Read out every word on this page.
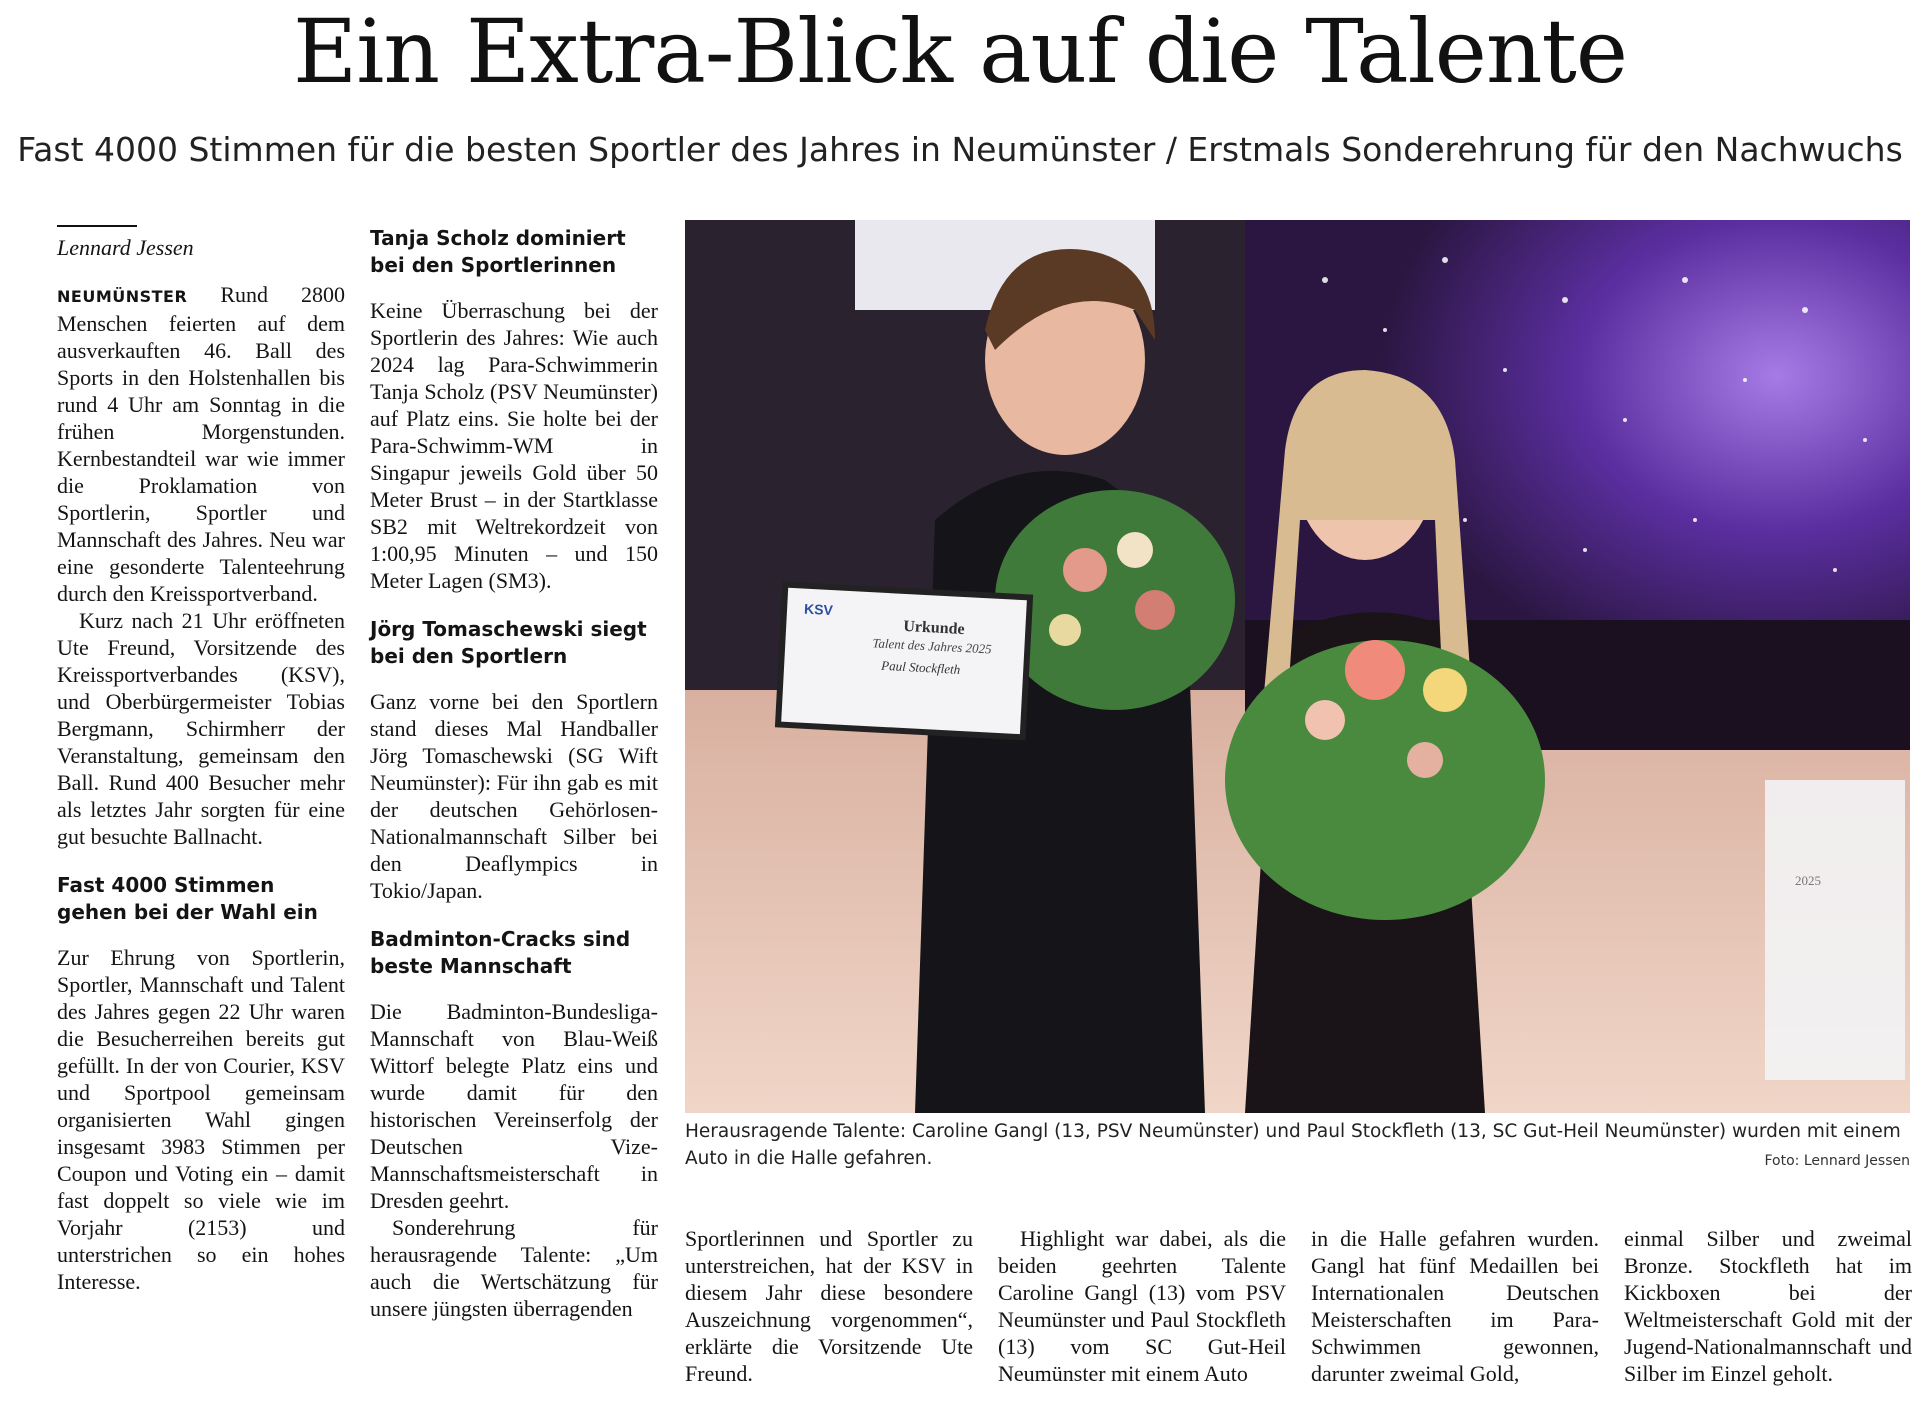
Ein Extra-Blick auf die Talente
Fast 4000 Stimmen für die besten Sportler des Jahres in Neumünster / Erstmals Sonderehrung für den Nachwuchs
Lennard Jessen

NEUMÜNSTER Rund 2800 Menschen feierten auf dem ausverkauften 46. Ball des Sports in den Holstenhallen bis rund 4 Uhr am Sonntag in die frühen Morgenstunden. Kernbestandteil war wie immer die Proklamation von Sportlerin, Sportler und Mannschaft des Jahres. Neu war eine gesonderte Talenteehrung durch den Kreissportverband.

Kurz nach 21 Uhr eröffneten Ute Freund, Vorsitzende des Kreissportverbandes (KSV), und Oberbürgermeister Tobias Bergmann, Schirmherr der Veranstaltung, gemeinsam den Ball. Rund 400 Besucher mehr als letztes Jahr sorgten für eine gut besuchte Ballnacht.

Fast 4000 Stimmen gehen bei der Wahl ein

Zur Ehrung von Sportlerin, Sportler, Mannschaft und Talent des Jahres gegen 22 Uhr waren die Besucherreihen bereits gut gefüllt. In der von Courier, KSV und Sportpool gemeinsam organisierten Wahl gingen insgesamt 3983 Stimmen per Coupon und Voting ein – damit fast doppelt so viele wie im Vorjahr (2153) und unterstrichen so ein hohes Interesse.

Tanja Scholz dominiert bei den Sportlerinnen

Keine Überraschung bei der Sportlerin des Jahres: Wie auch 2024 lag Para-Schwimmerin Tanja Scholz (PSV Neumünster) auf Platz eins. Sie holte bei der Para-Schwimm-WM in Singapur jeweils Gold über 50 Meter Brust – in der Startklasse SB2 mit Weltrekordzeit von 1:00,95 Minuten – und 150 Meter Lagen (SM3).

Jörg Tomaschewski siegt bei den Sportlern

Ganz vorne bei den Sportlern stand dieses Mal Handballer Jörg Tomaschewski (SG Wift Neumünster): Für ihn gab es mit der deutschen Gehörlosen-Nationalmannschaft Silber bei den Deaflympics in Tokio/Japan.

Badminton-Cracks sind beste Mannschaft

Die Badminton-Bundesliga-Mannschaft von Blau-Weiß Wittorf belegte Platz eins und wurde damit für den historischen Vereinserfolg der Deutschen Vize-Mannschaftsmeisterschaft in Dresden geehrt.

Sonderehrung für herausragende Talente: „Um auch die Wertschätzung für unsere jüngsten überragenden

KSV
Urkunde
Talent des Jahres 2025
Paul Stockfleth
2025

Herausragende Talente: Caroline Gangl (13, PSV Neumünster) und Paul Stockfleth (13, SC Gut-Heil Neumünster) wurden mit einem Auto in die Halle gefahren.	Foto: Lennard Jessen

Sportlerinnen und Sportler zu unterstreichen, hat der KSV in diesem Jahr diese besondere Auszeichnung vorgenommen“, erklärte die Vorsitzende Ute Freund.

Highlight war dabei, als die beiden geehrten Talente Caroline Gangl (13) vom PSV Neumünster und Paul Stockfleth (13) vom SC Gut-Heil Neumünster mit einem Auto

in die Halle gefahren wurden. Gangl hat fünf Medaillen bei Internationalen Deutschen Meisterschaften im Para-Schwimmen gewonnen, darunter zweimal Gold,

einmal Silber und zweimal Bronze. Stockfleth hat im Kickboxen bei der Weltmeisterschaft Gold mit der Jugend-Nationalmannschaft und Silber im Einzel geholt.
